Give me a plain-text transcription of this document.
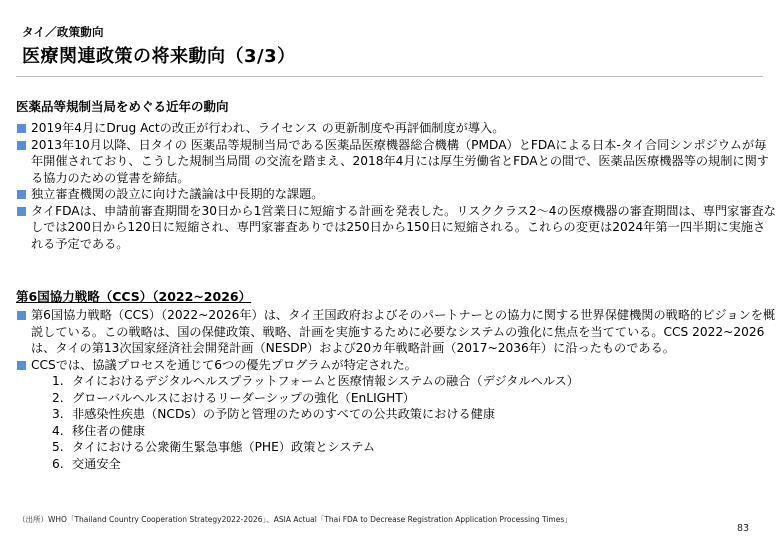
タイ／政策動向
医療関連政策の将来動向（3/3）
医薬品等規制当局をめぐる近年の動向
2019年4月にDrug Actの改正が行われ、ライセンス の更新制度や再評価制度が導入。
2013年10月以降、日タイの 医薬品等規制当局である医薬品医療機器総合機構（PMDA）とFDAによる日本-タイ合同シンポジウムが毎年開催されており、こうした規制当局間 の交流を踏まえ、2018年4月には厚生労働省とFDAとの間で、医薬品医療機器等の規制に関する協力のための覚書を締結。
独立審査機関の設立に向けた議論は中長期的な課題。
タイFDAは、申請前審査期間を30日から1営業日に短縮する計画を発表した。リスククラス2～4の医療機器の審査期間は、専門家審査なしでは200日から120日に短縮され、専門家審査ありでは250日から150日に短縮される。これらの変更は2024年第一四半期に実施される予定である。
第6国協力戦略（CCS）（2022~2026）
第6国協力戦略（CCS）（2022~2026年）は、タイ王国政府およびそのパートナーとの協力に関する世界保健機関の戦略的ビジョンを概説している。この戦略は、国の保健政策、戦略、計画を実施するために必要なシステムの強化に焦点を当てている。CCS 2022~2026は、タイの第13次国家経済社会開発計画（NESDP）および20カ年戦略計画（2017~2036年）に沿ったものである。
CCSでは、協議プロセスを通じて6つの優先プログラムが特定された。
1. タイにおけるデジタルヘルスプラットフォームと医療情報システムの融合（デジタルヘルス）
2. グローバルヘルスにおけるリーダーシップの強化（EnLIGHT）
3. 非感染性疾患（NCDs）の予防と管理のためのすべての公共政策における健康
4. 移住者の健康
5. タイにおける公衆衛生緊急事態（PHE）政策とシステム
6. 交通安全
（出所）WHO「Thailand Country Cooperation Strategy2022-2026」、ASIA Actual「Thai FDA to Decrease Registration Application Processing Times」
83
